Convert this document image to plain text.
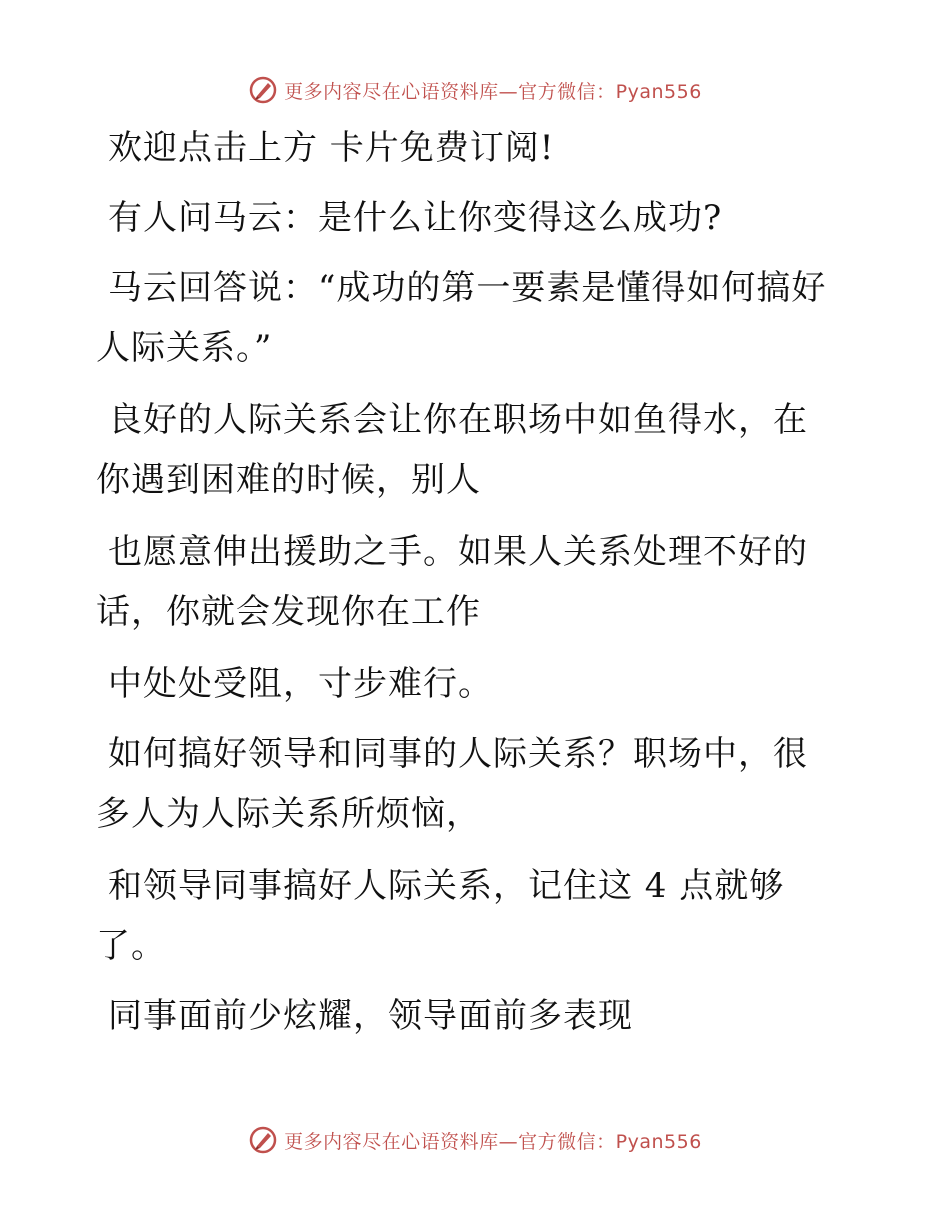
更多内容尽在心语资料库—官方微信：Pyan556

欢迎点击上方 卡片免费订阅!

有人问马云：是什么让你变得这么成功?

马云回答说：“成功的第一要素是懂得如何搞好人际关系。”

良好的人际关系会让你在职场中如鱼得水，在你遇到困难的时候，别人

也愿意伸出援助之手。如果人关系处理不好的话，你就会发现你在工作

中处处受阻，寸步难行。

如何搞好领导和同事的人际关系？职场中，很多人为人际关系所烦恼，

和领导同事搞好人际关系，记住这 4 点就够了。

同事面前少炫耀，领导面前多表现

更多内容尽在心语资料库—官方微信：Pyan556
